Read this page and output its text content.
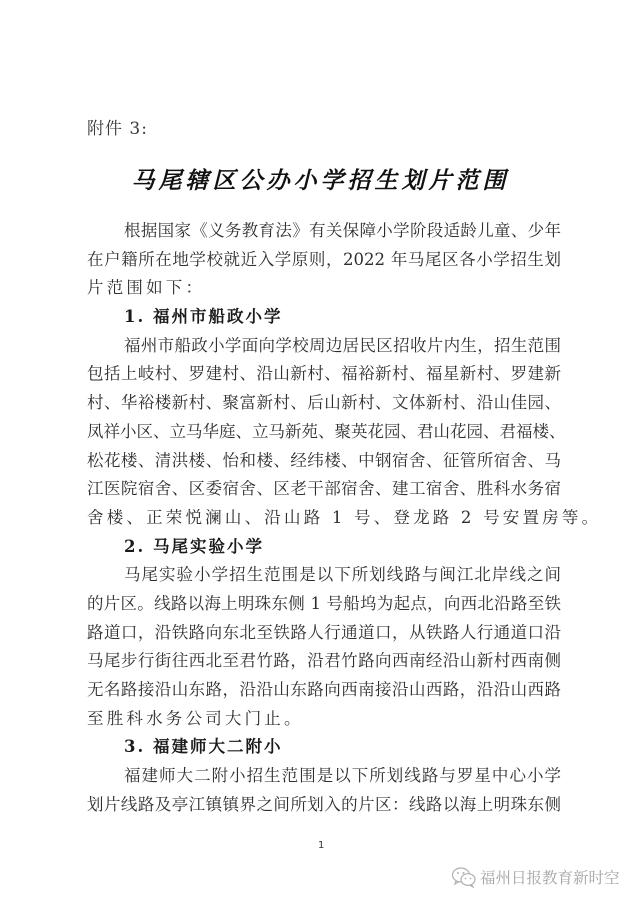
附件 3:
马尾辖区公办小学招生划片范围
根据国家《义务教育法》有关保障小学阶段适龄儿童、少年
在户籍所在地学校就近入学原则，2022 年马尾区各小学招生划
片范围如下：
1. 福州市船政小学
福州市船政小学面向学校周边居民区招收片内生，招生范围
包括上岐村、罗建村、沿山新村、福裕新村、福星新村、罗建新
村、华裕楼新村、聚富新村、后山新村、文体新村、沿山佳园、
凤祥小区、立马华庭、立马新苑、聚英花园、君山花园、君福楼、
松花楼、清洪楼、怡和楼、经纬楼、中钢宿舍、征管所宿舍、马
江医院宿舍、区委宿舍、区老干部宿舍、建工宿舍、胜科水务宿
舍楼、正荣悦澜山、沿山路 1 号、登龙路 2 号安置房等。
2. 马尾实验小学
马尾实验小学招生范围是以下所划线路与闽江北岸线之间
的片区。线路以海上明珠东侧 1 号船坞为起点，向西北沿路至铁
路道口，沿铁路向东北至铁路人行通道口，从铁路人行通道口沿
马尾步行街往西北至君竹路，沿君竹路向西南经沿山新村西南侧
无名路接沿山东路，沿沿山东路向西南接沿山西路，沿沿山西路
至胜科水务公司大门止。
3. 福建师大二附小
福建师大二附小招生范围是以下所划线路与罗星中心小学
划片线路及亭江镇镇界之间所划入的片区：线路以海上明珠东侧
1
福州日报教育新时空
